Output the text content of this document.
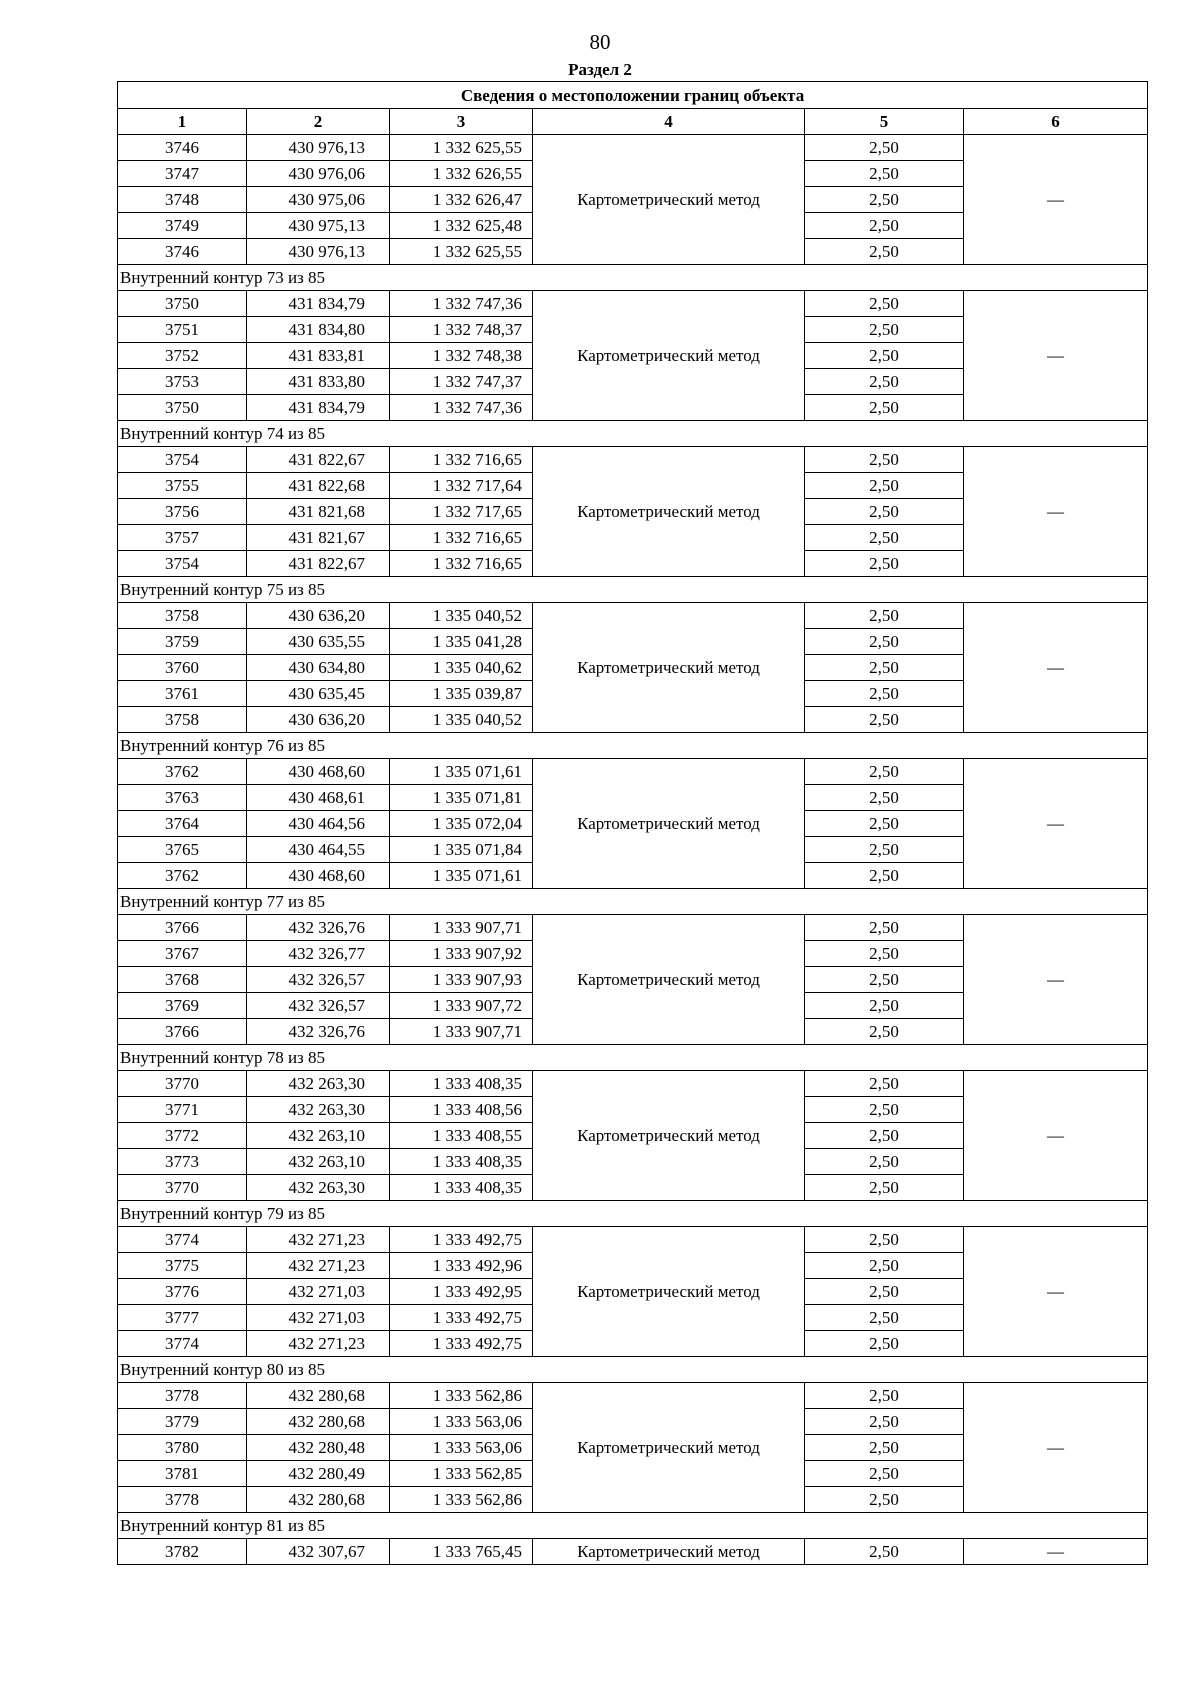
80
Раздел 2
Сведения о местоположении границ объекта					
1	2	3	4	5	6
3746	430 976,13	1 332 625,55	Картометрический метод	2,50	—
3747	430 976,06	1 332 626,55		2,50	
3748	430 975,06	1 332 626,47		2,50	
3749	430 975,13	1 332 625,48		2,50	
3746	430 976,13	1 332 625,55		2,50	
Внутренний контур 73 из 85					
3750	431 834,79	1 332 747,36	Картометрический метод	2,50	—
3751	431 834,80	1 332 748,37		2,50	
3752	431 833,81	1 332 748,38		2,50	
3753	431 833,80	1 332 747,37		2,50	
3750	431 834,79	1 332 747,36		2,50	
Внутренний контур 74 из 85					
3754	431 822,67	1 332 716,65	Картометрический метод	2,50	—
3755	431 822,68	1 332 717,64		2,50	
3756	431 821,68	1 332 717,65		2,50	
3757	431 821,67	1 332 716,65		2,50	
3754	431 822,67	1 332 716,65		2,50	
Внутренний контур 75 из 85					
3758	430 636,20	1 335 040,52	Картометрический метод	2,50	—
3759	430 635,55	1 335 041,28		2,50	
3760	430 634,80	1 335 040,62		2,50	
3761	430 635,45	1 335 039,87		2,50	
3758	430 636,20	1 335 040,52		2,50	
Внутренний контур 76 из 85					
3762	430 468,60	1 335 071,61	Картометрический метод	2,50	—
3763	430 468,61	1 335 071,81		2,50	
3764	430 464,56	1 335 072,04		2,50	
3765	430 464,55	1 335 071,84		2,50	
3762	430 468,60	1 335 071,61		2,50	
Внутренний контур 77 из 85					
3766	432 326,76	1 333 907,71	Картометрический метод	2,50	—
3767	432 326,77	1 333 907,92		2,50	
3768	432 326,57	1 333 907,93		2,50	
3769	432 326,57	1 333 907,72		2,50	
3766	432 326,76	1 333 907,71		2,50	
Внутренний контур 78 из 85					
3770	432 263,30	1 333 408,35	Картометрический метод	2,50	—
3771	432 263,30	1 333 408,56		2,50	
3772	432 263,10	1 333 408,55		2,50	
3773	432 263,10	1 333 408,35		2,50	
3770	432 263,30	1 333 408,35		2,50	
Внутренний контур 79 из 85					
3774	432 271,23	1 333 492,75	Картометрический метод	2,50	—
3775	432 271,23	1 333 492,96		2,50	
3776	432 271,03	1 333 492,95		2,50	
3777	432 271,03	1 333 492,75		2,50	
3774	432 271,23	1 333 492,75		2,50	
Внутренний контур 80 из 85					
3778	432 280,68	1 333 562,86	Картометрический метод	2,50	—
3779	432 280,68	1 333 563,06		2,50	
3780	432 280,48	1 333 563,06		2,50	
3781	432 280,49	1 333 562,85		2,50	
3778	432 280,68	1 333 562,86		2,50	
Внутренний контур 81 из 85					
3782	432 307,67	1 333 765,45	Картометрический метод	2,50	—
